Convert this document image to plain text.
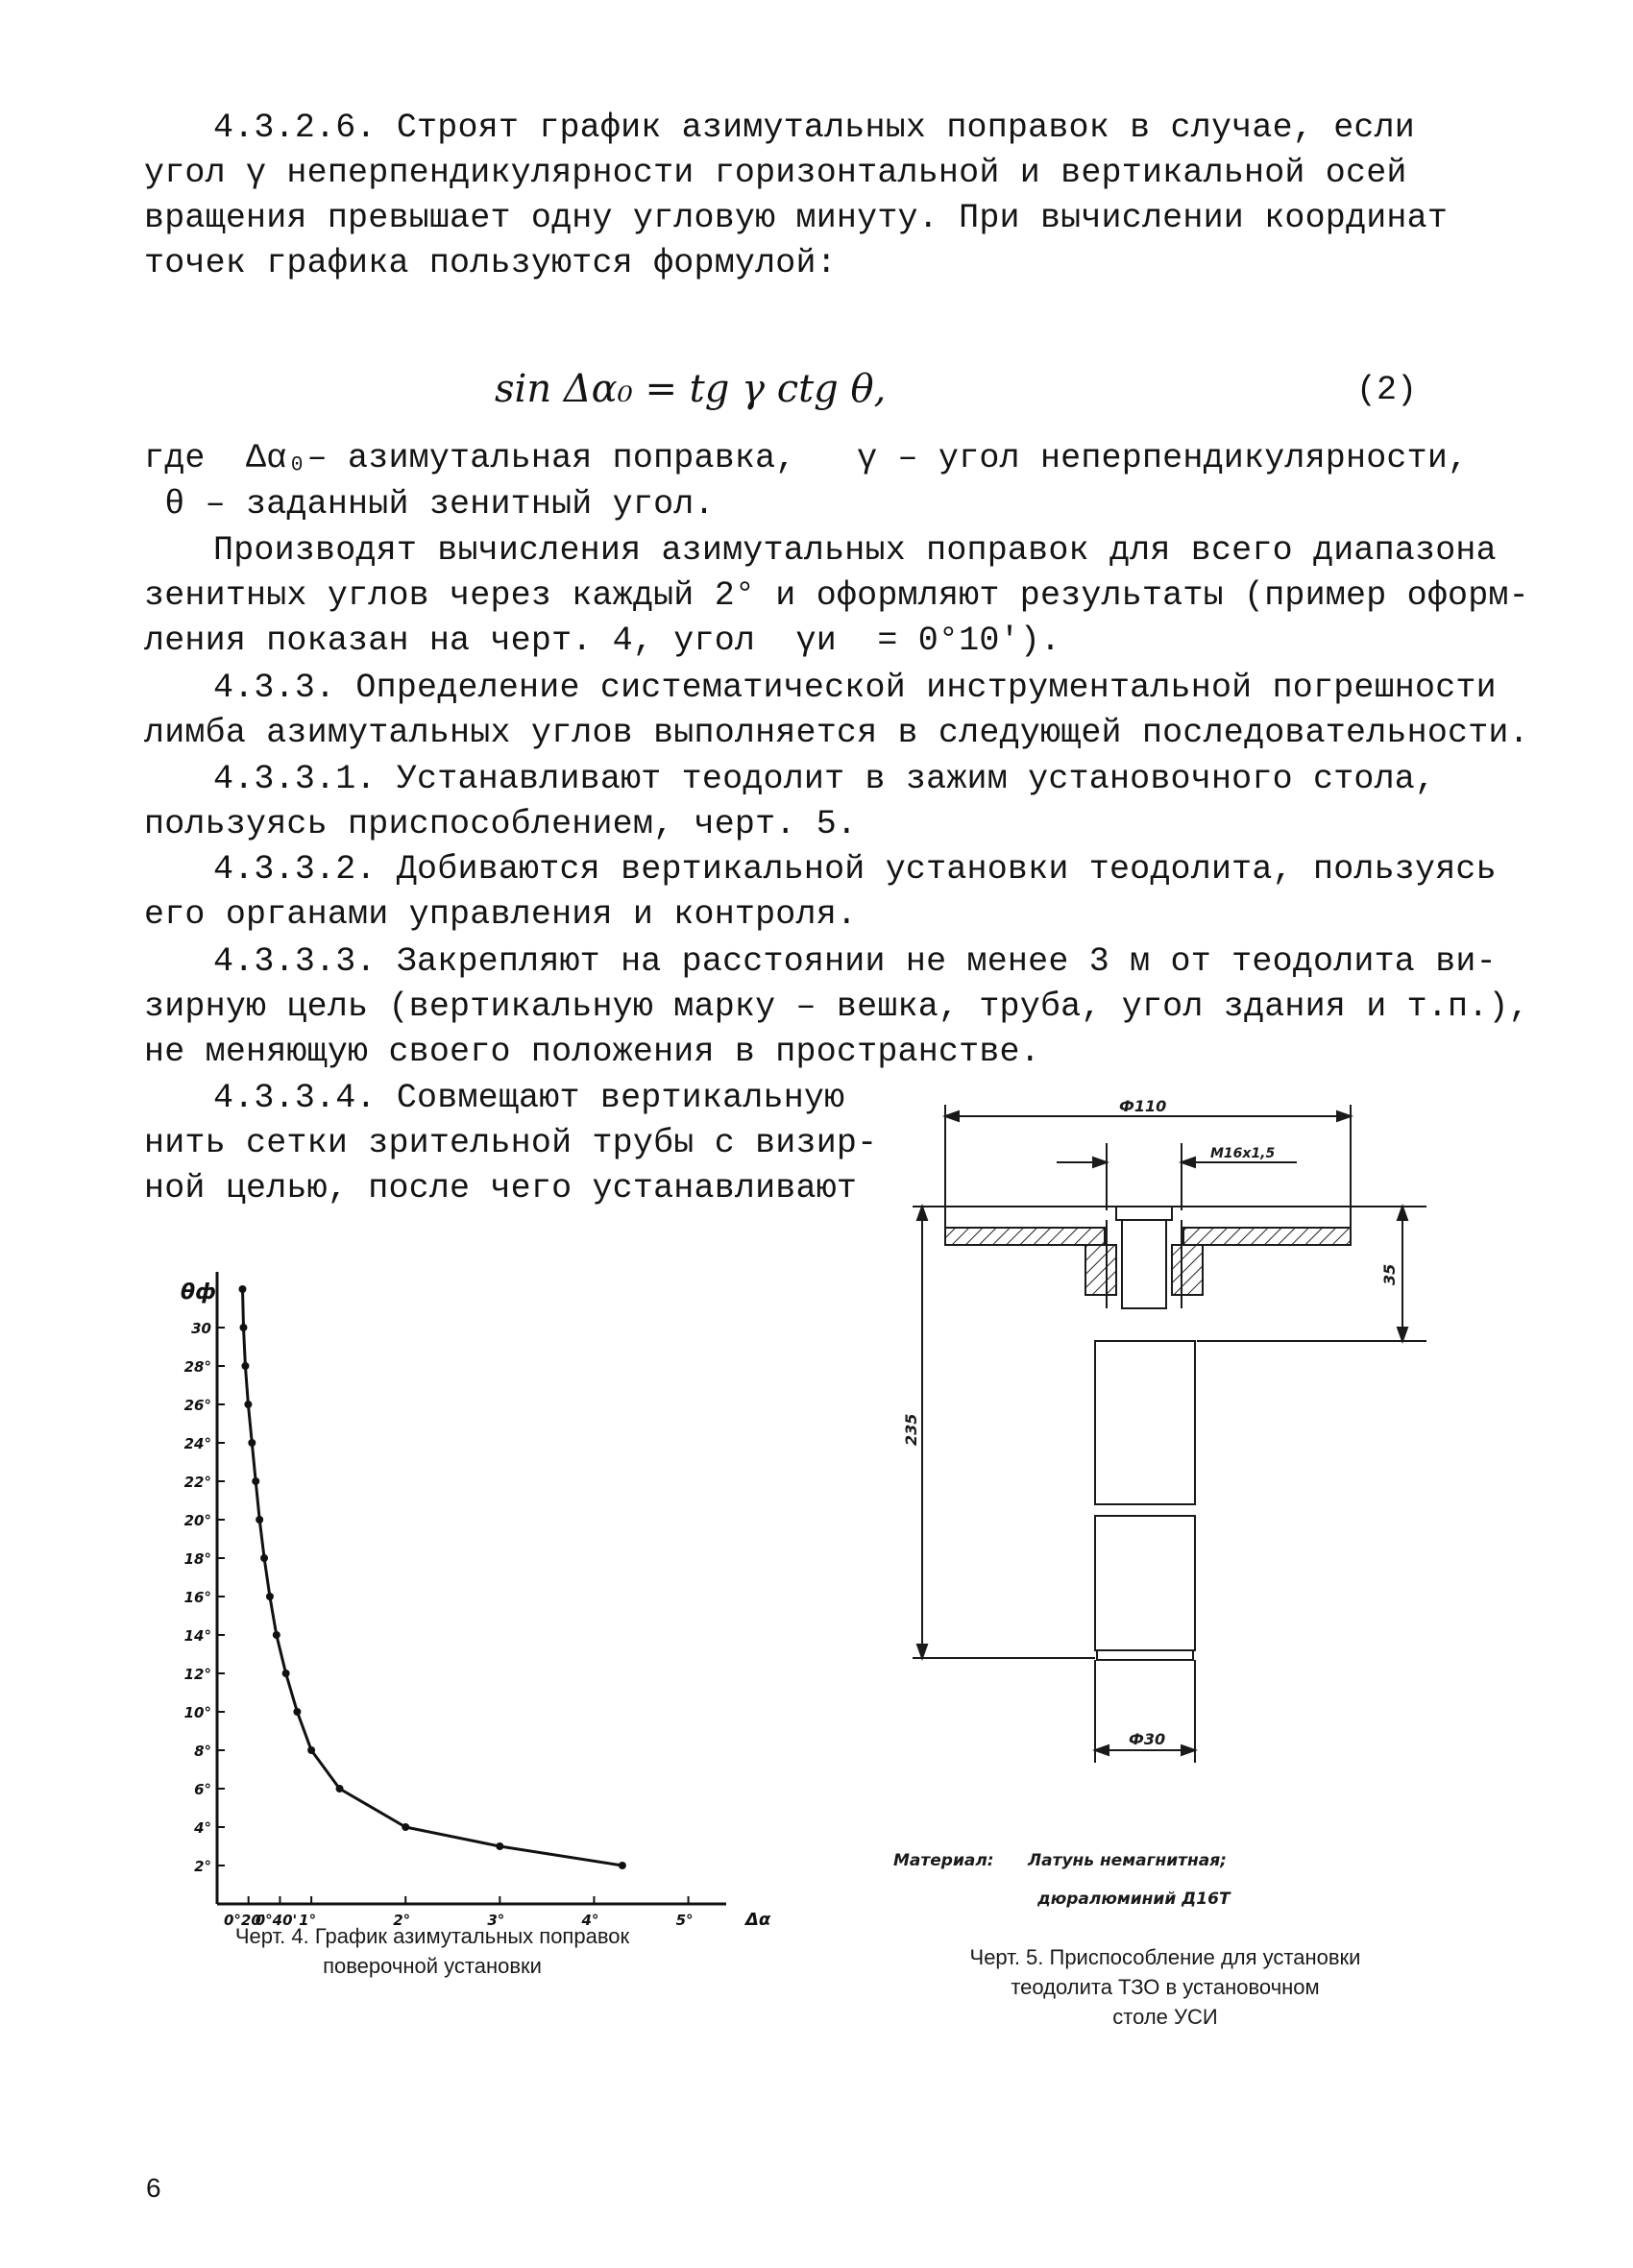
4.3.2.6. Строят график азимутальных поправок в случае, если
угол γ неперпендикулярности горизонтальной и вертикальной осей
вращения превышает одну угловую минуту. При вычислении координат
точек графика пользуются формулой:
где  Δα₀– азимутальная поправка,   γ – угол неперпендикулярности,
θ – заданный зенитный угол.
Производят вычисления азимутальных поправок для всего диапазона
зенитных углов через каждый 2° и оформляют результаты (пример оформ-
ления показан на черт. 4, угол  γи  = 0°10').
4.3.3. Определение систематической инструментальной погрешности
лимба азимутальных углов выполняется в следующей последовательности.
4.3.3.1. Устанавливают теодолит в зажим установочного стола,
пользуясь приспособлением, черт. 5.
4.3.3.2. Добиваются вертикальной установки теодолита, пользуясь
его органами управления и контроля.
4.3.3.3. Закрепляют на расстоянии не менее 3 м от теодолита ви-
зирную цель (вертикальную марку – вешка, труба, угол здания и т.п.),
не меняющую своего положения в пространстве.
4.3.3.4. Совмещают вертикальную
нить сетки зрительной трубы с визир-
ной целью, после чего устанавливают
sin Δα₀ = tg γ ctg θ,	(2)
2°
4°
6°
8°
10°
12°
14°
16°
18°
20°
22°
24°
26°
28°
30
θф
0°20'
0°40' 1°	2°	3°	4°	5°	Δα
Черт. 4. График азимутальных поправок
поверочной установки
Ф110
M16x1,5
35
235
Ф30
Материал: Латунь немагнитная;
дюралюминий Д16Т
Черт. 5. Приспособление для установки
теодолита ТЗО в установочном
столе УСИ
6
